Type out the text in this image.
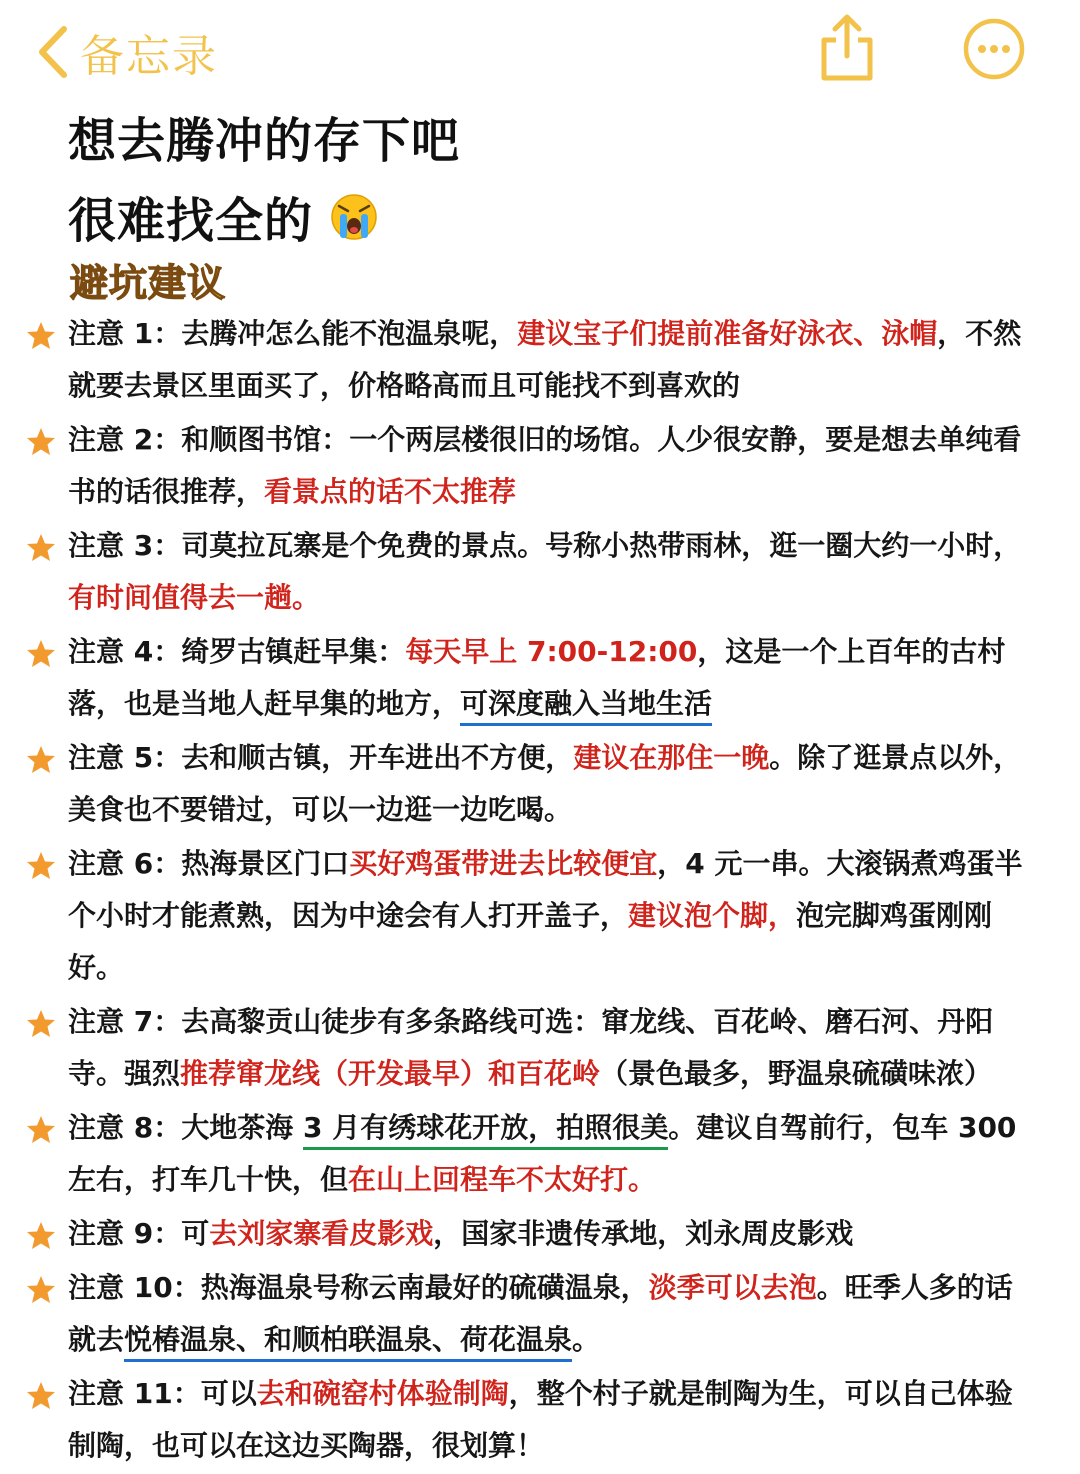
备忘录
想去腾冲的存下吧
很难找全的
避坑建议
注意 1：去腾冲怎么能不泡温泉呢，建议宝子们提前准备好泳衣、泳帽，不然就要去景区里面买了，价格略高而且可能找不到喜欢的
注意 2：和顺图书馆：一个两层楼很旧的场馆。人少很安静，要是想去单纯看书的话很推荐，看景点的话不太推荐
注意 3：司莫拉瓦寨是个免费的景点。号称小热带雨林，逛一圈大约一小时，有时间值得去一趟。
注意 4：绮罗古镇赶早集：每天早上 7:00-12:00，这是一个上百年的古村落，也是当地人赶早集的地方，可深度融入当地生活
注意 5：去和顺古镇，开车进出不方便，建议在那住一晚。除了逛景点以外，美食也不要错过，可以一边逛一边吃喝。
注意 6：热海景区门口买好鸡蛋带进去比较便宜，4 元一串。大滚锅煮鸡蛋半个小时才能煮熟，因为中途会有人打开盖子，建议泡个脚，泡完脚鸡蛋刚刚好。
注意 7：去高黎贡山徒步有多条路线可选：窜龙线、百花岭、磨石河、丹阳寺。强烈推荐窜龙线（开发最早）和百花岭（景色最多，野温泉硫磺味浓）
注意 8：大地茶海 3 月有绣球花开放，拍照很美。建议自驾前行，包车 300 左右，打车几十快，但在山上回程车不太好打。
注意 9：可去刘家寨看皮影戏，国家非遗传承地，刘永周皮影戏
注意 10：热海温泉号称云南最好的硫磺温泉，淡季可以去泡。旺季人多的话就去悦椿温泉、和顺柏联温泉、荷花温泉。
注意 11：可以去和碗窑村体验制陶，整个村子就是制陶为生，可以自己体验制陶，也可以在这边买陶器，很划算！
